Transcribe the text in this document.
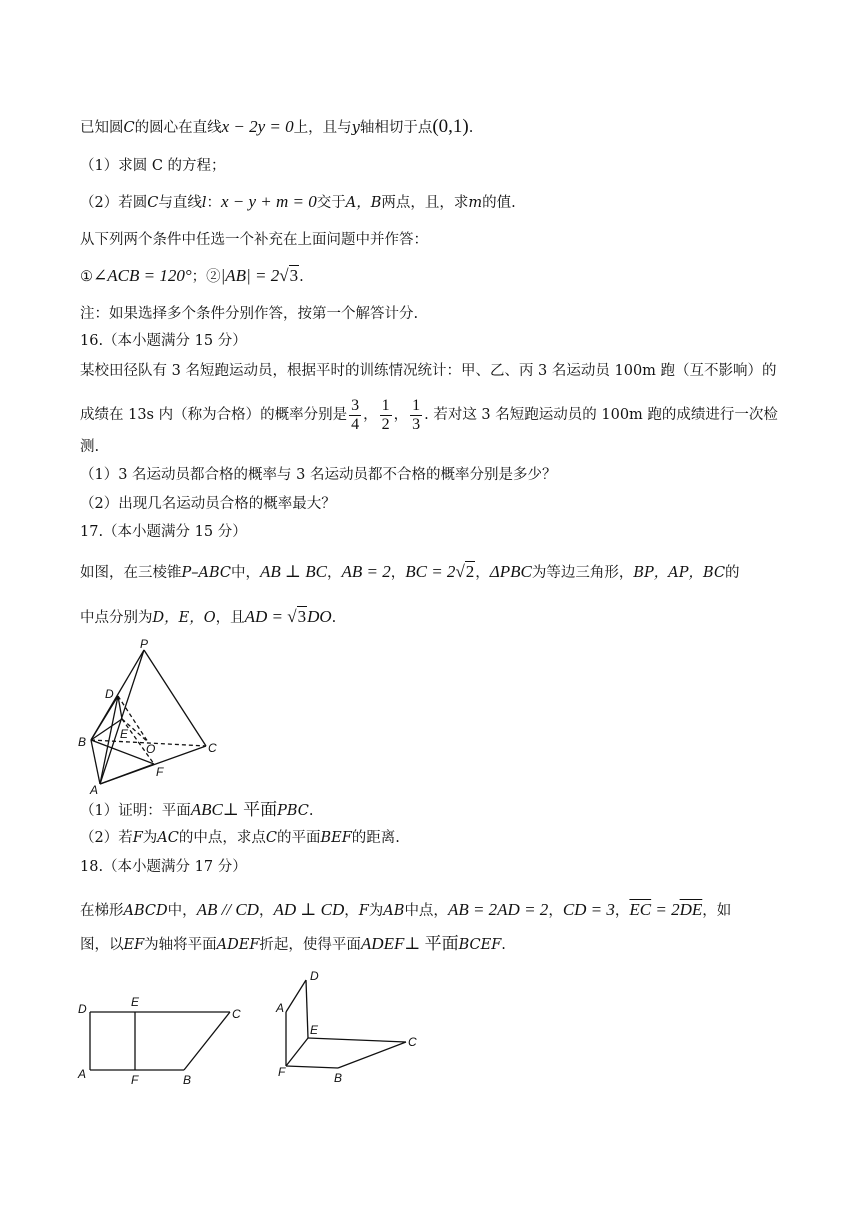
已知圆C的圆心在直线x − 2y = 0上，且与y轴相切于点(0,1).
（1）求圆 C 的方程；
（2）若圆C与直线l：x − y + m = 0交于A，B两点，且，求m的值.
从下列两个条件中任选一个补充在上面问题中并作答：
①∠ACB = 120°；②|AB| = 2√3.
注：如果选择多个条件分别作答，按第一个解答计分.
16.（本小题满分 15 分）
某校田径队有 3 名短跑运动员，根据平时的训练情况统计：甲、乙、丙 3 名运动员 100m 跑（互不影响）的
成绩在 13s 内（称为合格）的概率分别是 $\frac{3}{4}$ ， $\frac{1}{2}$ ， $\frac{1}{3}$ . 若对这 3 名短跑运动员的 100m 跑的成绩进行一次检
测.
（1）3 名运动员都合格的概率与 3 名运动员都不合格的概率分别是多少？
（2）出现几名运动员合格的概率最大？
17.（本小题满分 15 分）
如图，在三棱锥P–ABC中，AB ⊥ BC，AB = 2，BC = 2√2，ΔPBC为等边三角形，BP，AP，BC的
中点分别为D，E，O，且AD = √3DO.
P
D
E
B	O	C
F
A
（1）证明：平面ABC⊥ 平面PBC.
（2）若F为AC的中点，求点C的平面BEF的距离.
18.（本小题满分 17 分）
在梯形ABCD中，AB // CD，AD ⊥ CD，F为AB中点，AB = 2AD = 2，CD = 3，$\overline{EC} = 2\overline{DE}$，如
图，以EF为轴将平面ADEF折起，使得平面ADEF⊥ 平面BCEF.
D	E
C
A	F	B
D
A
E
C
F	B
